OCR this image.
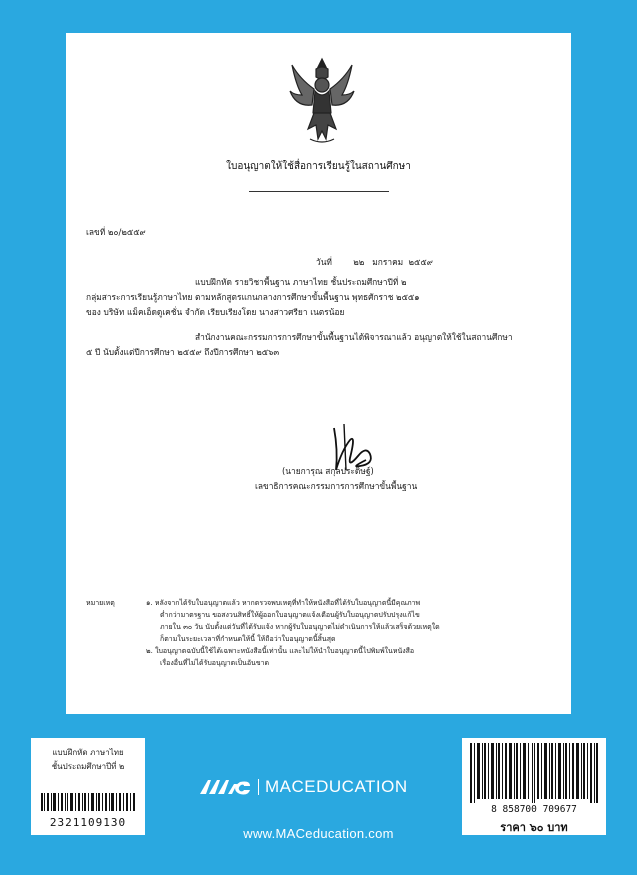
ใบอนุญาตให้ใช้สื่อการเรียนรู้ในสถานศึกษา
เลขที่ ๒๐/๒๕๕๙
วันที่        ๒๒   มกราคม  ๒๕๕๙
แบบฝึกหัด รายวิชาพื้นฐาน ภาษาไทย ชั้นประถมศึกษาปีที่ ๒
กลุ่มสาระการเรียนรู้ภาษาไทย ตามหลักสูตรแกนกลางการศึกษาขั้นพื้นฐาน พุทธศักราช ๒๕๕๑
ของ บริษัท แม็คเอ็ดดูเคชั่น จำกัด เรียบเรียงโดย นางสาวศรียา เนตรน้อย
สำนักงานคณะกรรมการการศึกษาขั้นพื้นฐานได้พิจารณาแล้ว อนุญาตให้ใช้ในสถานศึกษา
๕ ปี นับตั้งแต่ปีการศึกษา ๒๕๕๙ ถึงปีการศึกษา ๒๕๖๓
(นายการุณ สกุลประดิษฐ์)
เลขาธิการคณะกรรมการการศึกษาขั้นพื้นฐาน
หมายเหตุ	๑. หลังจากได้รับใบอนุญาตแล้ว หากตรวจพบเหตุที่ทำให้หนังสือที่ได้รับใบอนุญาตนี้มีคุณภาพ
ต่ำกว่ามาตรฐาน ขอสงวนสิทธิ์ให้ผู้ออกใบอนุญาตแจ้งเตือนผู้รับใบอนุญาตปรับปรุงแก้ไข
ภายใน ๓๐ วัน นับตั้งแต่วันที่ได้รับแจ้ง หากผู้รับใบอนุญาตไม่ดำเนินการให้แล้วเสร็จด้วยเหตุใด
ก็ตามในระยะเวลาที่กำหนดให้นี้ ให้ถือว่าใบอนุญาตนี้สิ้นสุด
๒. ใบอนุญาตฉบับนี้ใช้ได้เฉพาะหนังสือนี้เท่านั้น และไม่ให้นำใบอนุญาตนี้ไปพิมพ์ในหนังสือ
เรื่องอื่นที่ไม่ได้รับอนุญาตเป็นอันขาด
แบบฝึกหัด ภาษาไทย
ชั้นประถมศึกษาปีที่ ๒
2321109130
MACEDUCATION
www.MACeducation.com
8 858700 709677
ราคา ๖๐ บาท
